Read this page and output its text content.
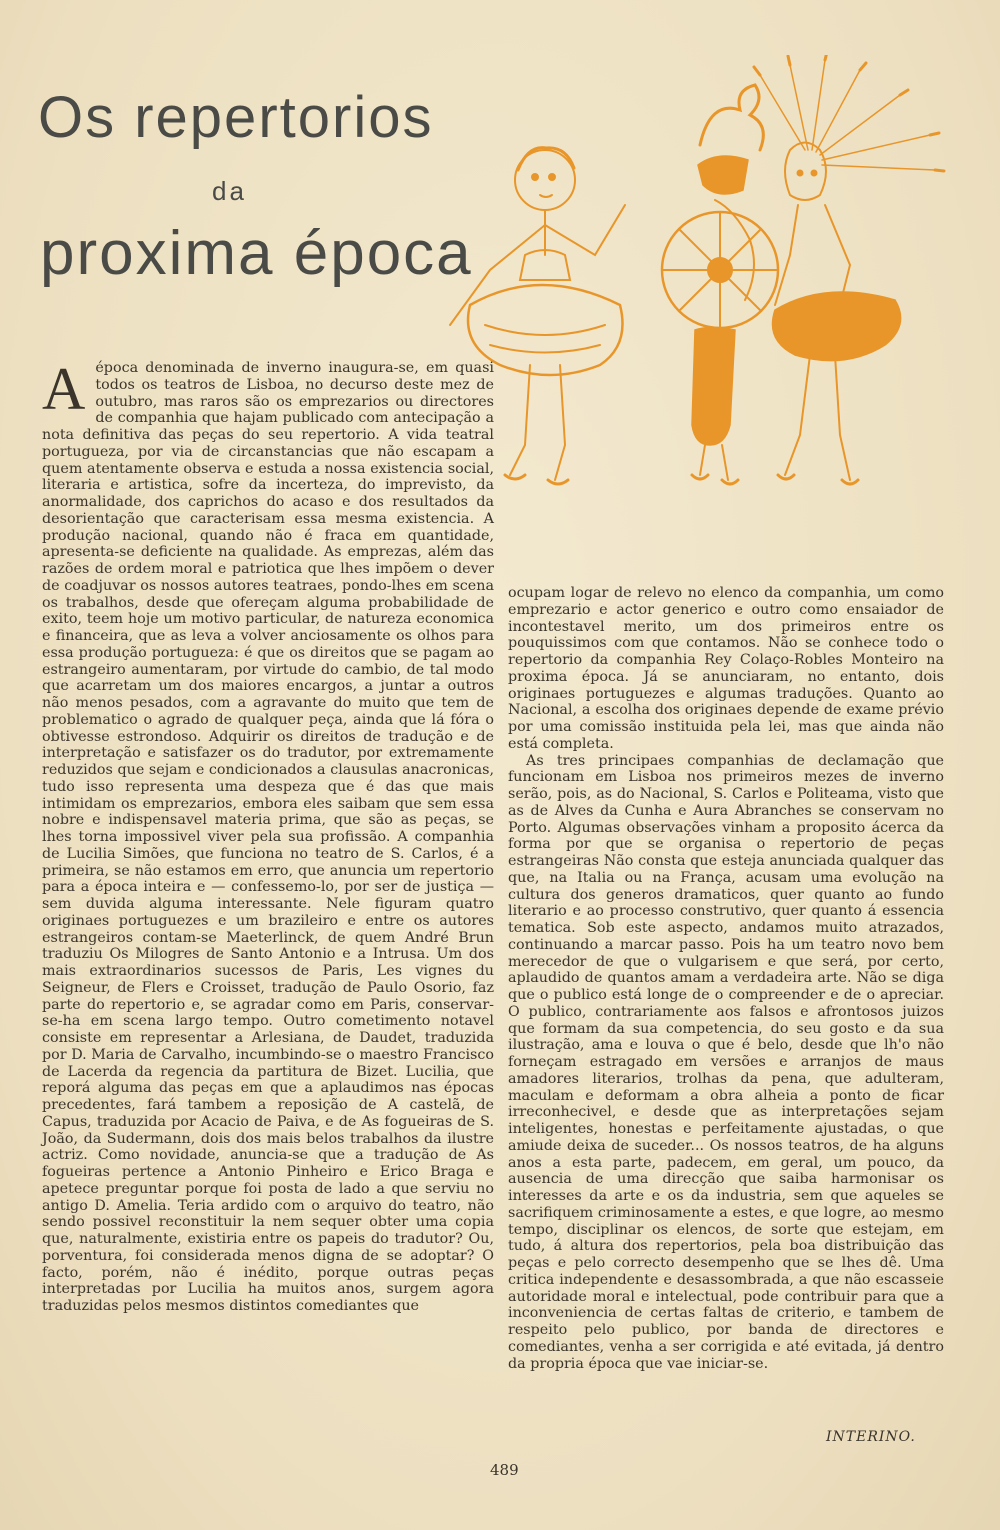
Os repertorios
da
proxima época
A época denominada de inverno inaugura-se, em quasi todos os teatros de Lisboa, no decurso deste mez de outubro, mas raros são os emprezarios ou directores de companhia que hajam publicado com antecipação a nota definitiva das peças do seu repertorio. A vida teatral portugueza, por via de circanstancias que não escapam a quem atentamente observa e estuda a nossa existencia social, literaria e artistica, sofre da incerteza, do imprevisto, da anormalidade, dos caprichos do acaso e dos resultados da desorientação que caracterisam essa mesma existencia. A produção nacional, quando não é fraca em quantidade, apresenta-se deficiente na qualidade. As emprezas, além das razões de ordem moral e patriotica que lhes impõem o dever de coadjuvar os nossos autores teatraes, pondo-lhes em scena os trabalhos, desde que ofereçam alguma probabilidade de exito, teem hoje um motivo particular, de natureza economica e financeira, que as leva a volver anciosamente os olhos para essa produção portugueza: é que os direitos que se pagam ao estrangeiro aumentaram, por virtude do cambio, de tal modo que acarretam um dos maiores encargos, a juntar a outros não menos pesados, com a agravante do muito que tem de problematico o agrado de qualquer peça, ainda que lá fóra o obtivesse estrondoso. Adquirir os direitos de tradução e de interpretação e satisfazer os do tradutor, por extremamente reduzidos que sejam e condicionados a clausulas anacronicas, tudo isso representa uma despeza que é das que mais intimidam os emprezarios, embora eles saibam que sem essa nobre e indispensavel materia prima, que são as peças, se lhes torna impossivel viver pela sua profissão. A companhia de Lucilia Simões, que funciona no teatro de S. Carlos, é a primeira, se não estamos em erro, que anuncia um repertorio para a época inteira e — confessemo-lo, por ser de justiça — sem duvida alguma interessante. Nele figuram quatro originaes portuguezes e um brazileiro e entre os autores estrangeiros contam-se Maeterlinck, de quem André Brun traduziu Os Milogres de Santo Antonio e a Intrusa. Um dos mais extraordinarios sucessos de Paris, Les vignes du Seigneur, de Flers e Croisset, tradução de Paulo Osorio, faz parte do repertorio e, se agradar como em Paris, conservar-se-ha em scena largo tempo. Outro cometimento notavel consiste em representar a Arlesiana, de Daudet, traduzida por D. Maria de Carvalho, incumbindo-se o maestro Francisco de Lacerda da regencia da partitura de Bizet. Lucilia, que reporá alguma das peças em que a aplaudimos nas épocas precedentes, fará tambem a reposição de A castelã, de Capus, traduzida por Acacio de Paiva, e de As fogueiras de S. João, da Sudermann, dois dos mais belos trabalhos da ilustre actriz. Como novidade, anuncia-se que a tradução de As fogueiras pertence a Antonio Pinheiro e Erico Braga e apetece preguntar porque foi posta de lado a que serviu no antigo D. Amelia. Teria ardido com o arquivo do teatro, não sendo possivel reconstituir la nem sequer obter uma copia que, naturalmente, existiria entre os papeis do tradutor? Ou, porventura, foi considerada menos digna de se adoptar? O facto, porém, não é inédito, porque outras peças interpretadas por Lucilia ha muitos anos, surgem agora traduzidas pelos mesmos distintos comediantes que

ocupam logar de relevo no elenco da companhia, um como emprezario e actor generico e outro como ensaiador de incontestavel merito, um dos primeiros entre os pouquissimos com que contamos. Não se conhece todo o repertorio da companhia Rey Colaço-Robles Monteiro na proxima época. Já se anunciaram, no entanto, dois originaes portuguezes e algumas traduções. Quanto ao Nacional, a escolha dos originaes depende de exame prévio por uma comissão instituida pela lei, mas que ainda não está completa.

As tres principaes companhias de declamação que funcionam em Lisboa nos primeiros mezes de inverno serão, pois, as do Nacional, S. Carlos e Politeama, visto que as de Alves da Cunha e Aura Abranches se conservam no Porto. Algumas observações vinham a proposito ácerca da forma por que se organisa o repertorio de peças estrangeiras Não consta que esteja anunciada qualquer das que, na Italia ou na França, acusam uma evolução na cultura dos generos dramaticos, quer quanto ao fundo literario e ao processo construtivo, quer quanto á essencia tematica. Sob este aspecto, andamos muito atrazados, continuando a marcar passo. Pois ha um teatro novo bem merecedor de que o vulgarisem e que será, por certo, aplaudido de quantos amam a verdadeira arte. Não se diga que o publico está longe de o compreender e de o apreciar. O publico, contrariamente aos falsos e afrontosos juizos que formam da sua competencia, do seu gosto e da sua ilustração, ama e louva o que é belo, desde que lh'o não forneçam estragado em versões e arranjos de maus amadores literarios, trolhas da pena, que adulteram, maculam e deformam a obra alheia a ponto de ficar irreconhecivel, e desde que as interpretações sejam inteligentes, honestas e perfeitamente ajustadas, o que amiude deixa de suceder... Os nossos teatros, de ha alguns anos a esta parte, padecem, em geral, um pouco, da ausencia de uma direcção que saiba harmonisar os interesses da arte e os da industria, sem que aqueles se sacrifiquem criminosamente a estes, e que logre, ao mesmo tempo, disciplinar os elencos, de sorte que estejam, em tudo, á altura dos repertorios, pela boa distribuição das peças e pelo correcto desempenho que se lhes dê. Uma critica independente e desassombrada, a que não escasseie autoridade moral e intelectual, pode contribuir para que a inconveniencia de certas faltas de criterio, e tambem de respeito pelo publico, por banda de directores e comediantes, venha a ser corrigida e até evitada, já dentro da propria época que vae iniciar-se.

INTERINO.
489
